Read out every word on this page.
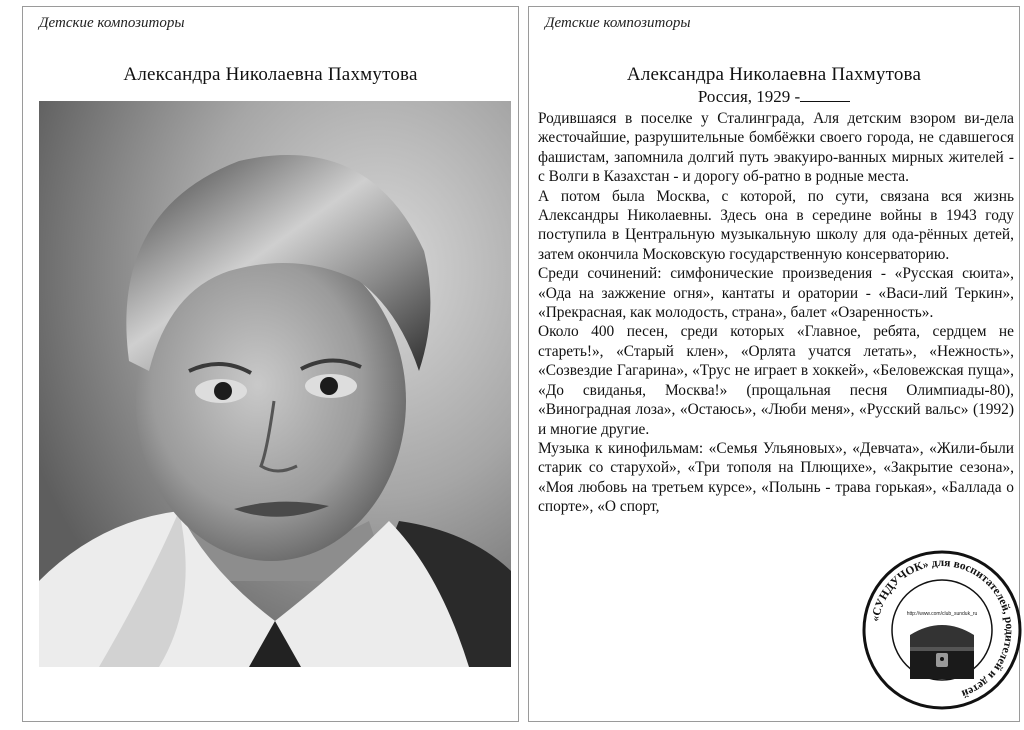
Детские композиторы
Александра Николаевна Пахмутова
Детские композиторы
Александра Николаевна Пахмутова
Россия, 1929 -

Родившаяся в поселке у Сталинграда, Аля детским взором ви-дела жесточайшие, разрушительные бомбёжки своего города, не сдавшегося фашистам, запомнила долгий путь эвакуиро-ванных мирных жителей - с Волги в Казахстан - и дорогу об-ратно в родные места.

А потом была Москва, с которой, по сути, связана вся жизнь Александры Николаевны. Здесь она в середине войны в 1943 году поступила в Центральную музыкальную школу для ода-рённых детей, затем окончила Московскую государственную консерваторию.

Среди сочинений: симфонические произведения - «Русская сюита», «Ода на зажжение огня», кантаты и оратории - «Васи-лий Теркин», «Прекрасная, как молодость, страна», балет «Озаренность».

Около 400 песен, среди которых «Главное, ребята, сердцем не стареть!», «Старый клен», «Орлята учатся летать», «Нежность», «Созвездие Гагарина», «Трус не играет в хоккей», «Беловежская пуща», «До свиданья, Москва!» (прощальная песня Олимпиады-80), «Виноградная лоза», «Остаюсь», «Люби меня», «Русский вальс» (1992) и многие другие.

Музыка к кинофильмам: «Семья Ульяновых», «Девчата», «Жили-были старик со старухой», «Три тополя на Плющихе», «Закрытие сезона», «Моя любовь на третьем курсе», «Полынь - трава горькая», «Баллада о спорте», «О спорт,

«СУНДУЧОК» для воспитателей, родителей и детей
http://www.com/club_sunduk_ru
